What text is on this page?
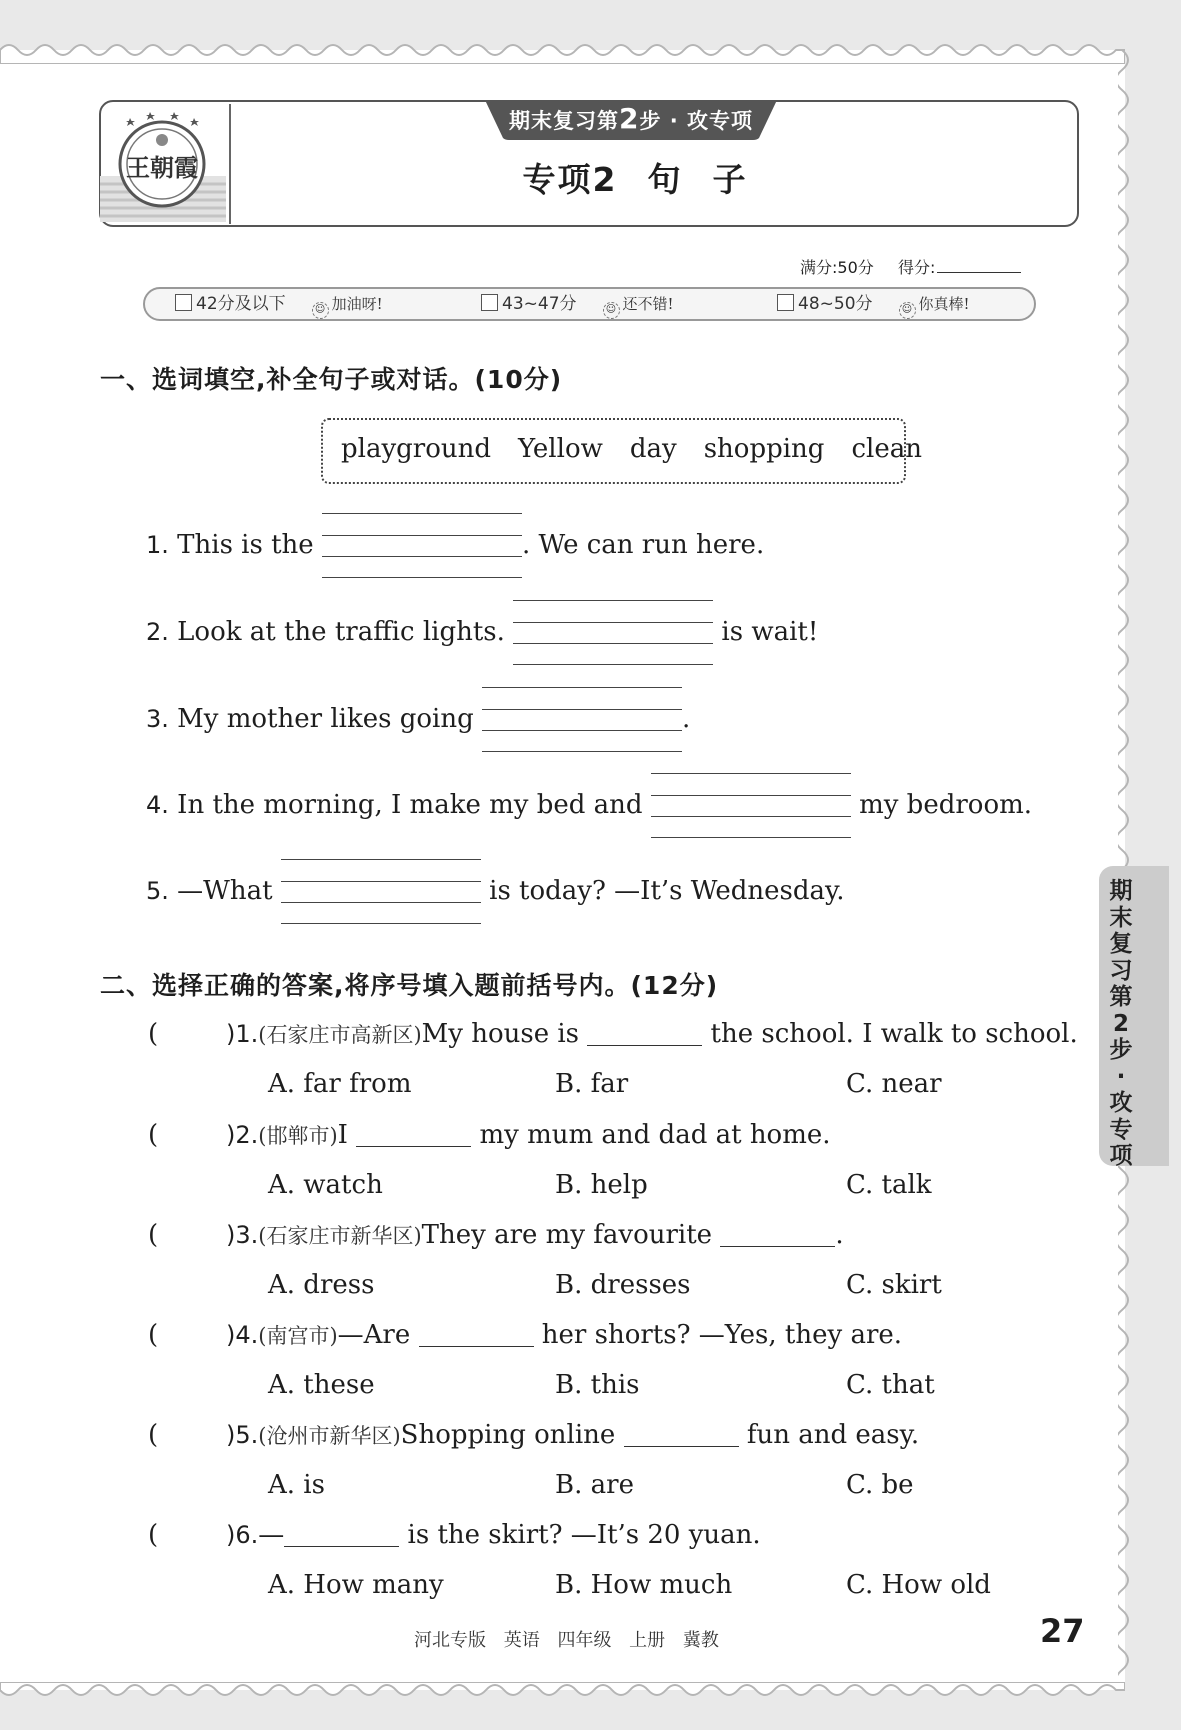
王朝霞
期末复习第2步 · 攻专项
专项2 句 子
满分:50分 得分:
42分及以下	☺ 加油呀!	43~47分	☺ 还不错!	48~50分	☺ 你真棒!
一、选词填空,补全句子或对话。(10分)
playground Yellow day shopping clean
1. This is the	. We can run here.
2. Look at the traffic lights.	is wait!
3. My mother likes going	.
4. In the morning, I make my bed and	my bedroom.
5. —What	is today? —It’s Wednesday.
二、选择正确的答案,将序号填入题前括号内。(12分)
(	)1.(石家庄市高新区)My house is	the school. I walk to school.
A. far from	B. far	C. near
(	)2.(邯郸市)I	my mum and dad at home.
A. watch	B. help	C. talk
(	)3.(石家庄市新华区)They are my favourite	.
A. dress	B. dresses	C. skirt
(	)4.(南宫市)—Are	her shorts? —Yes, they are.
A. these	B. this	C. that
(	)5.(沧州市新华区)Shopping online	fun and easy.
A. is	B. are	C. be
(	)6.—	is the skirt? —It’s 20 yuan.
A. How many	B. How much	C. How old
期末复习第2步·攻专项
河北专版 英语 四年级 上册 冀教	27
